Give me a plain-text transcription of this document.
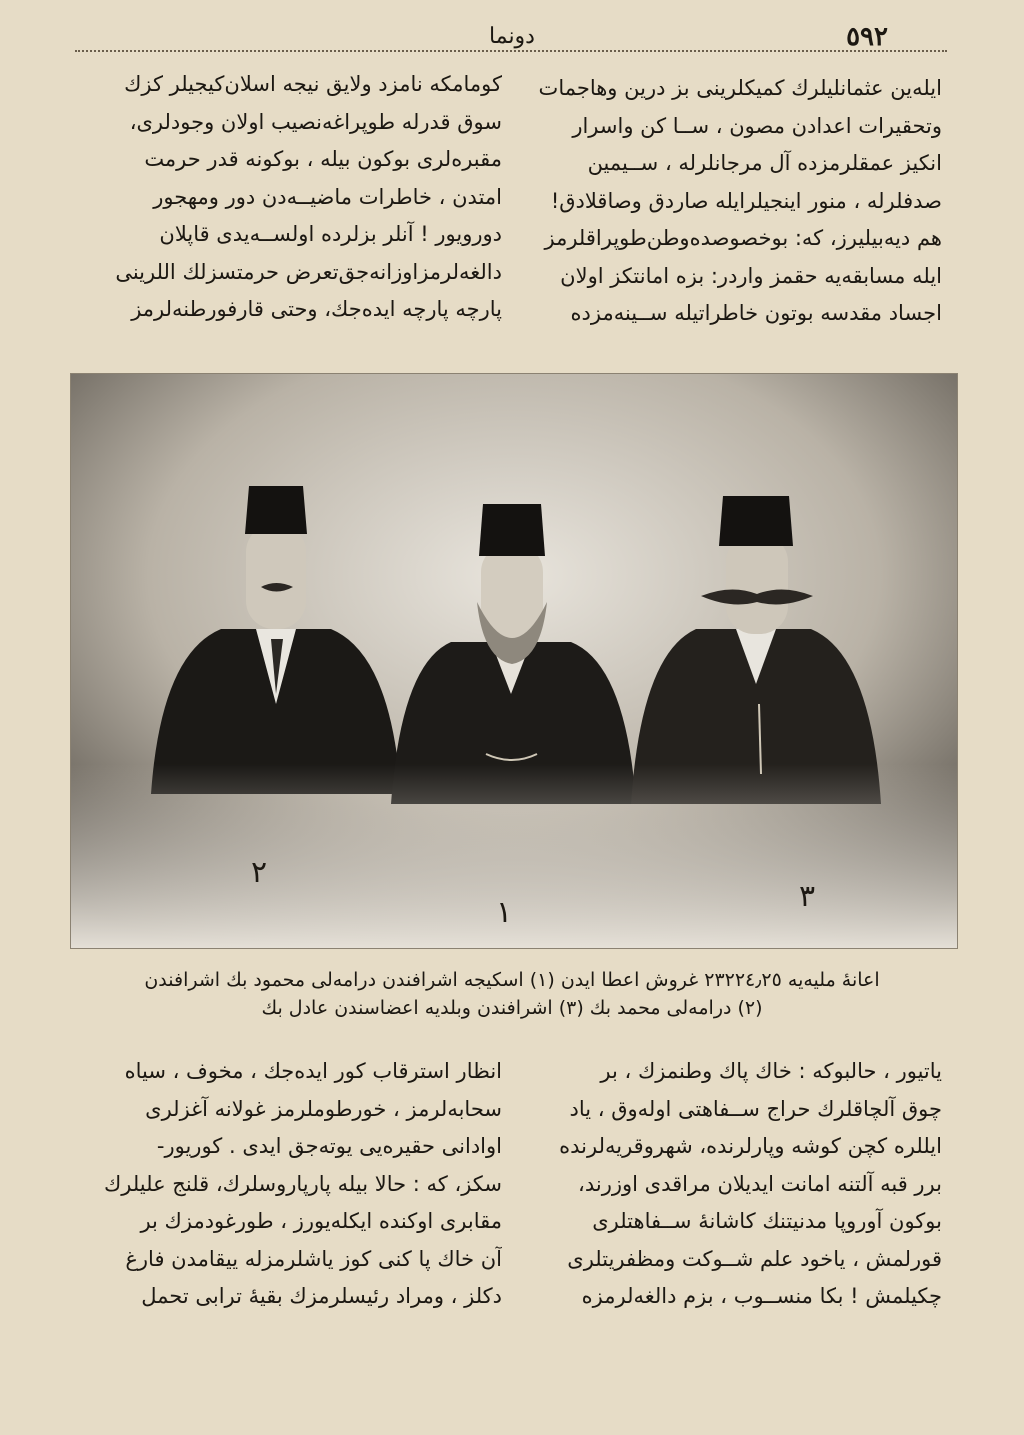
٥٩٢
دونما

ایله‌ین عثمانلیلرك كمیكلرینی بز درین وهاجمات

وتحقیرات اعدادن مصون ، ســا كن واسرار

انكیز عمقلرمزده آل مرجانلرله ، ســیمین

صدفلرله ، منور اینجیلرایله صاردق وصاقلادق!

هم دیه‌بیلیرز، كه: بوخصوصده‌وطن‌طوپراقلرمز

ایله مسابقه‌یه حقمز واردر: بزه امانتكز اولان

اجساد مقدسه بوتون خاطراتیله ســینه‌مزده

كومامكه نامزد ولایق نیجه اسلان‌كیجیلر كزك

سوق قدرله طوپراغه‌نصیب اولان وجودلری،

مقبره‌لری بوكون بیله ، بوكونه قدر حرمت

امتدن ، خاطرات ماضیــه‌دن دور ومهجور

دورویور ! آنلر بزلرده اولســه‌یدی قاپلان

دالغه‌لرمزاوزانه‌جق‌تعرض حرمتسزلك اللرینی

پارچه پارچه ایده‌جك، وحتی قارفورطنه‌لرمز

٢
١	٣

اعانهٔ ملیه‌یه ٢٣٢٢٤٫٢٥ غروش اعطا ایدن (١) اسكیجه اشرافندن درامه‌لی محمود بك اشرافندن

(٢) درامه‌لی محمد بك (٣) اشرافندن وبلدیه اعضاسندن عادل بك

یاتیور ، حالبوكه : خاك پاك وطنمزك ، بر

چوق آلچاقلرك حراج ســفاهتی اوله‌وق ، یاد

ایللره كچن كوشه وپارلرنده، شهروقریه‌لرنده

برر قبه آلتنه امانت ایدیلان مراقدی اوزرند،

بوكون آوروپا مدنیتنك كاشانهٔ ســفاهتلری

قورلمش ، یاخود علم شــوكت ومظفریتلری

چكیلمش ! بكا منســوب ، بزم دالغه‌لرمزه

انظار استرقاب كور ایده‌جك ، مخوف ، سیاه

سحابه‌لرمز ، خورطوملرمز غولانه آغزلری

اوادانی حقیره‌یی یوته‌جق ایدی . كوریور-

سكز، كه : حالا بیله پارپاروسلرك، قلنج علیلرك

مقابری اوكنده ایكله‌یورز ، طورغودمزك بر

آن خاك پا كنی كوز یاشلرمزله ییقامدن فارغ

دكلز ، ومراد رئیسلرمزك بقیهٔ ترابی تحمل
